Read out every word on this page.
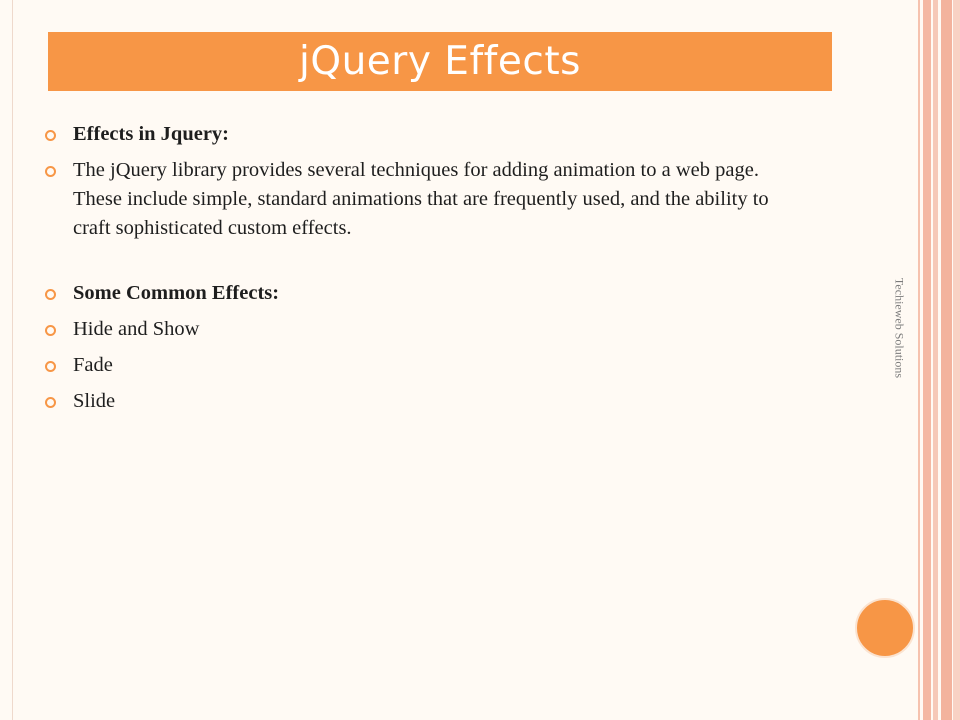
jQuery Effects
Effects in Jquery:
The jQuery library provides several techniques for adding animation to a web page. These include simple, standard animations that are frequently used, and the ability to craft sophisticated custom effects.
Some Common Effects:
Hide and Show
Fade
Slide
Techieweb Solutions
